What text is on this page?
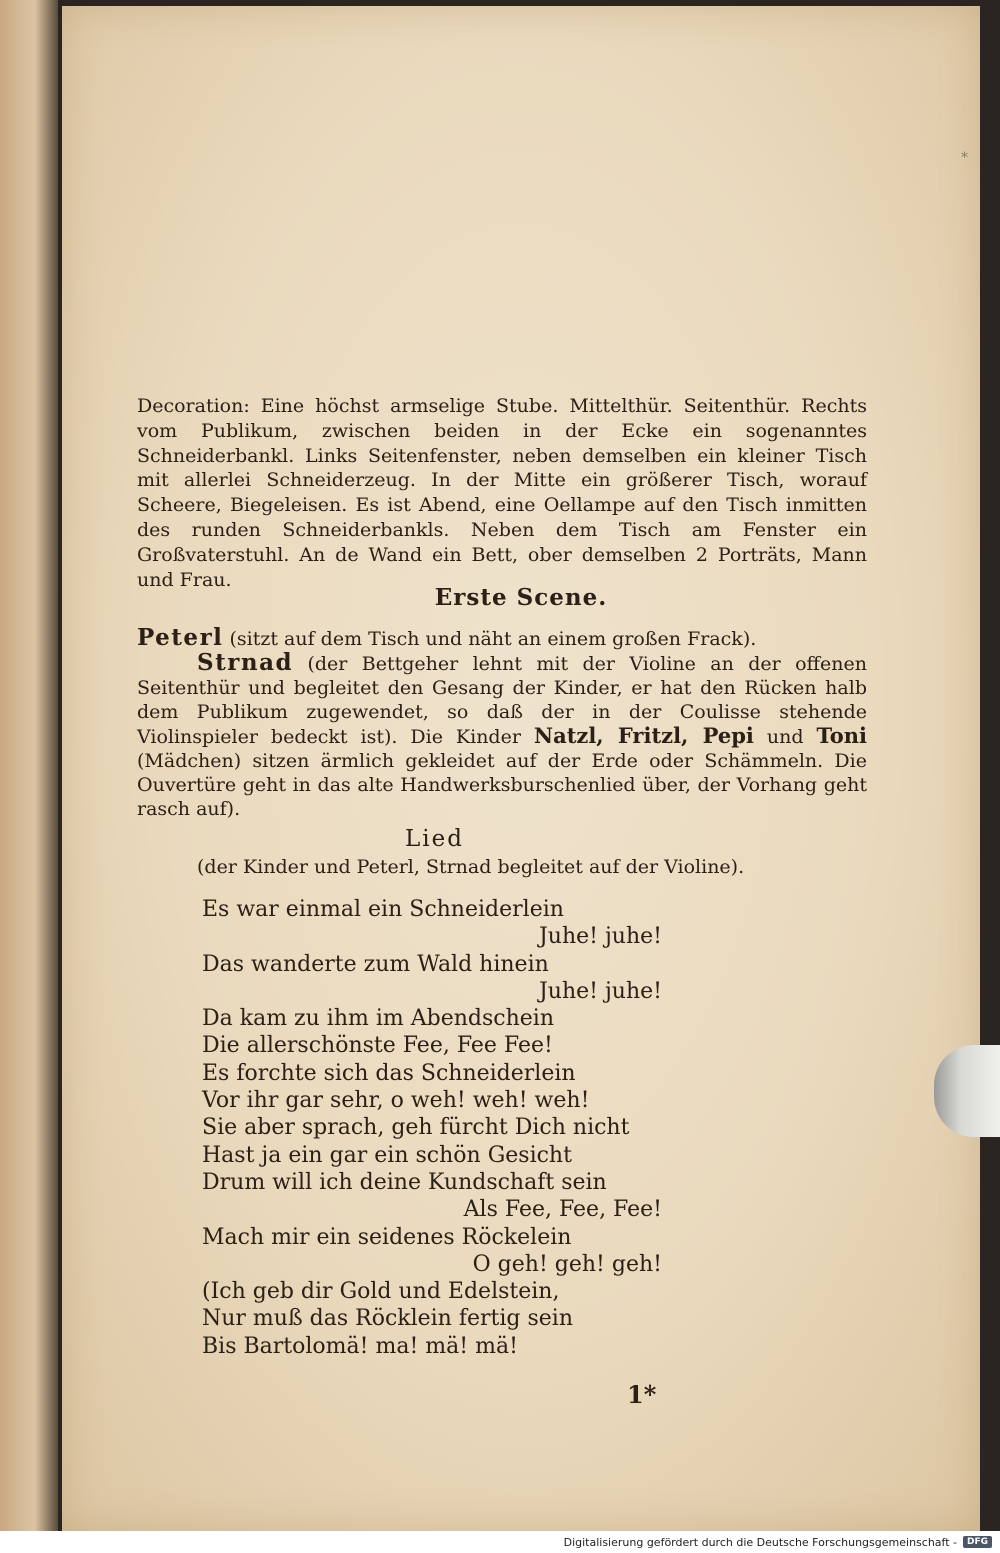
*

Decoration: Eine höchst armselige Stube. Mittelthür. Seitenthür. Rechts vom Publikum, zwischen beiden in der Ecke ein sogenanntes Schneiderbankl. Links Seitenfenster, neben demselben ein kleiner Tisch mit allerlei Schneiderzeug. In der Mitte ein größerer Tisch, worauf Scheere, Biegeleisen. Es ist Abend, eine Oellampe auf den Tisch inmitten des runden Schneiderbankls. Neben dem Tisch am Fenster ein Großvaterstuhl. An de Wand ein Bett, ober demselben 2 Porträts, Mann und Frau.

Erste Scene.

Peterl (sitzt auf dem Tisch und näht an einem großen Frack).

Strnad (der Bettgeher lehnt mit der Violine an der offenen Seitenthür und begleitet den Gesang der Kinder, er hat den Rücken halb dem Publikum zugewendet, so daß der in der Coulisse stehende Violinspieler bedeckt ist). Die Kinder Natzl, Fritzl, Pepi und Toni (Mädchen) sitzen ärmlich gekleidet auf der Erde oder Schämmeln. Die Ouvertüre geht in das alte Handwerksburschenlied über, der Vorhang geht rasch auf).

Lied
(der Kinder und Peterl, Strnad begleitet auf der Violine).
Es war einmal ein Schneiderlein
Juhe! juhe!
Das wanderte zum Wald hinein
Juhe! juhe!
Da kam zu ihm im Abendschein
Die allerschönste Fee, Fee Fee!
Es forchte sich das Schneiderlein
Vor ihr gar sehr, o weh! weh! weh!
Sie aber sprach, geh fürcht Dich nicht
Hast ja ein gar ein schön Gesicht
Drum will ich deine Kundschaft sein
Als Fee, Fee, Fee!
Mach mir ein seidenes Röckelein
O geh! geh! geh!
(Ich geb dir Gold und Edelstein,
Nur muß das Röcklein fertig sein
Bis Bartolomä! ma! mä! mä!
1*
Digitalisierung gefördert durch die Deutsche Forschungsgemeinschaft -	DFG
